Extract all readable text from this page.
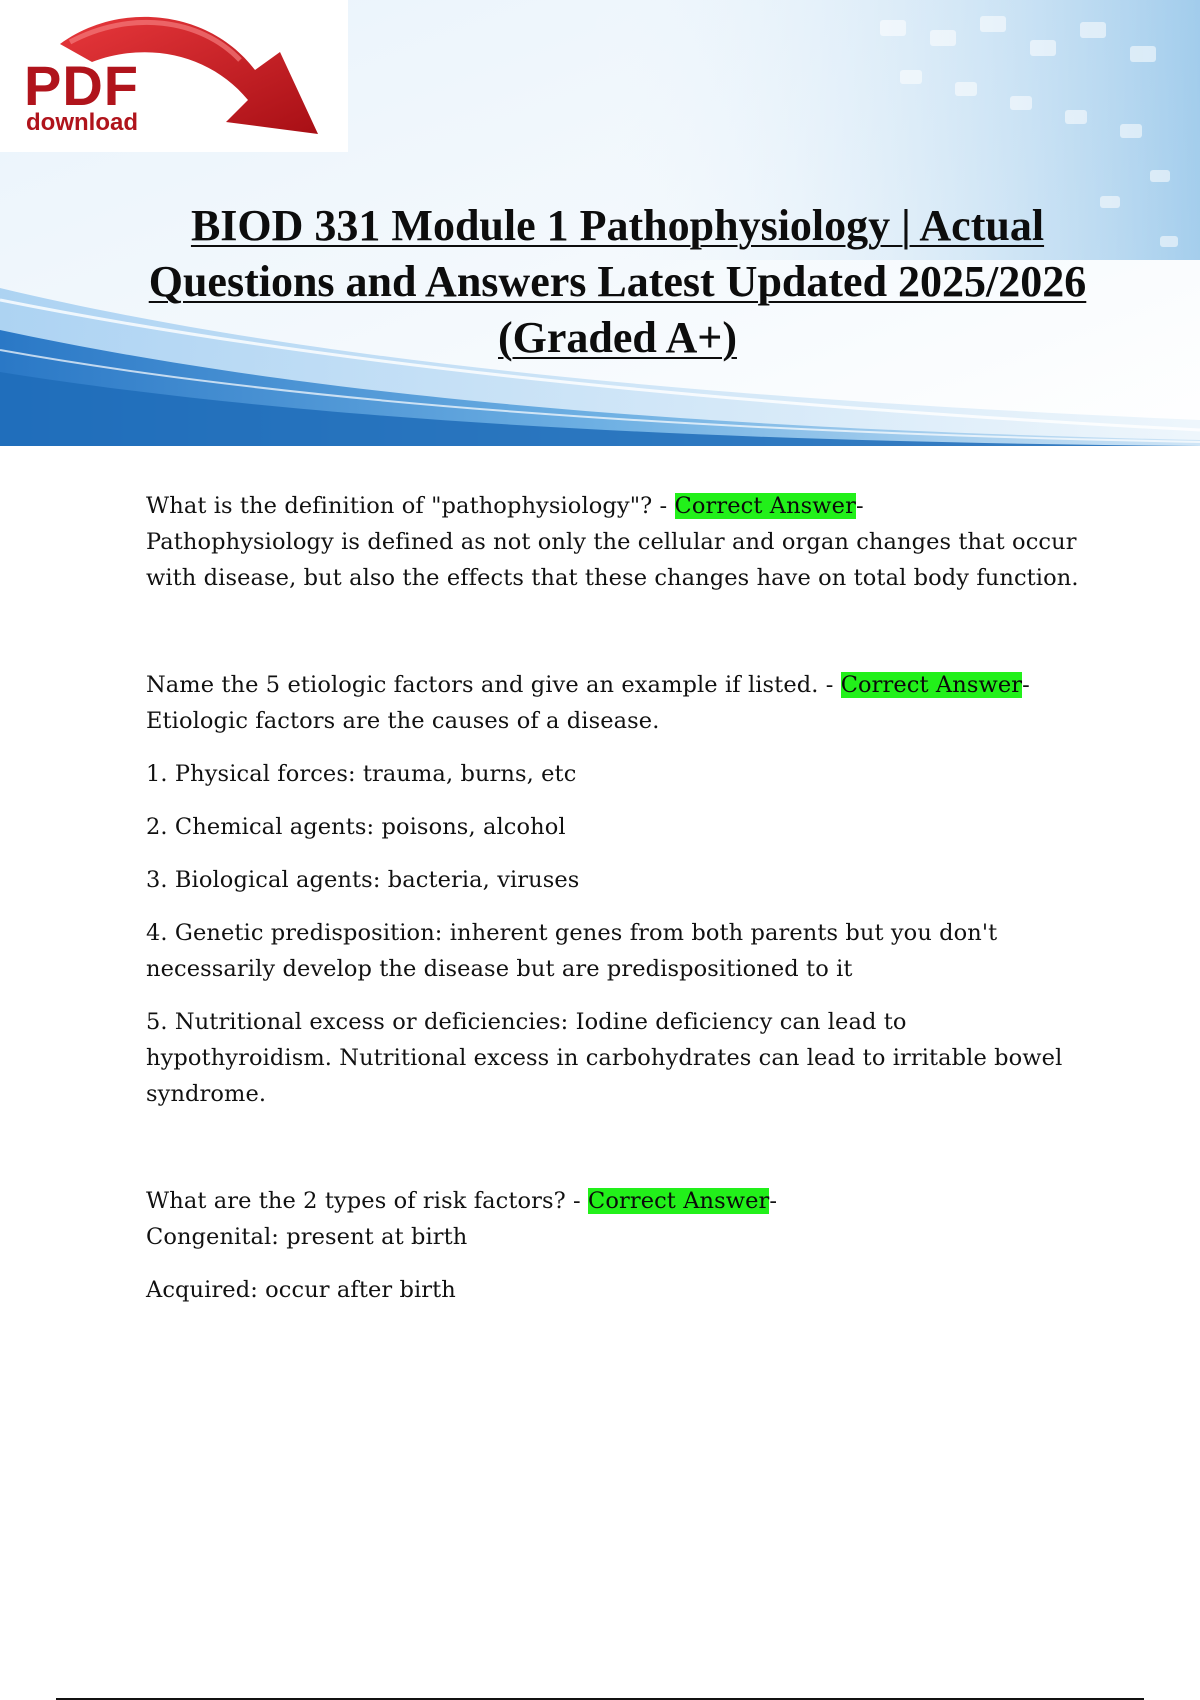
PDF
download
BIOD 331 Module 1 Pathophysiology | Actual Questions and Answers Latest Updated 2025/2026 (Graded A+)

What is the definition of "pathophysiology"? - Correct Answer-

Pathophysiology is defined as not only the cellular and organ changes that occur with disease, but also the effects that these changes have on total body function.

Name the 5 etiologic factors and give an example if listed. - Correct Answer-

Etiologic factors are the causes of a disease.

1. Physical forces: trauma, burns, etc

2. Chemical agents: poisons, alcohol

3. Biological agents: bacteria, viruses

4. Genetic predisposition: inherent genes from both parents but you don't necessarily develop the disease but are predispositioned to it

5. Nutritional excess or deficiencies: Iodine deficiency can lead to hypothyroidism. Nutritional excess in carbohydrates can lead to irritable bowel syndrome.

What are the 2 types of risk factors? - Correct Answer-

Congenital: present at birth

Acquired: occur after birth
